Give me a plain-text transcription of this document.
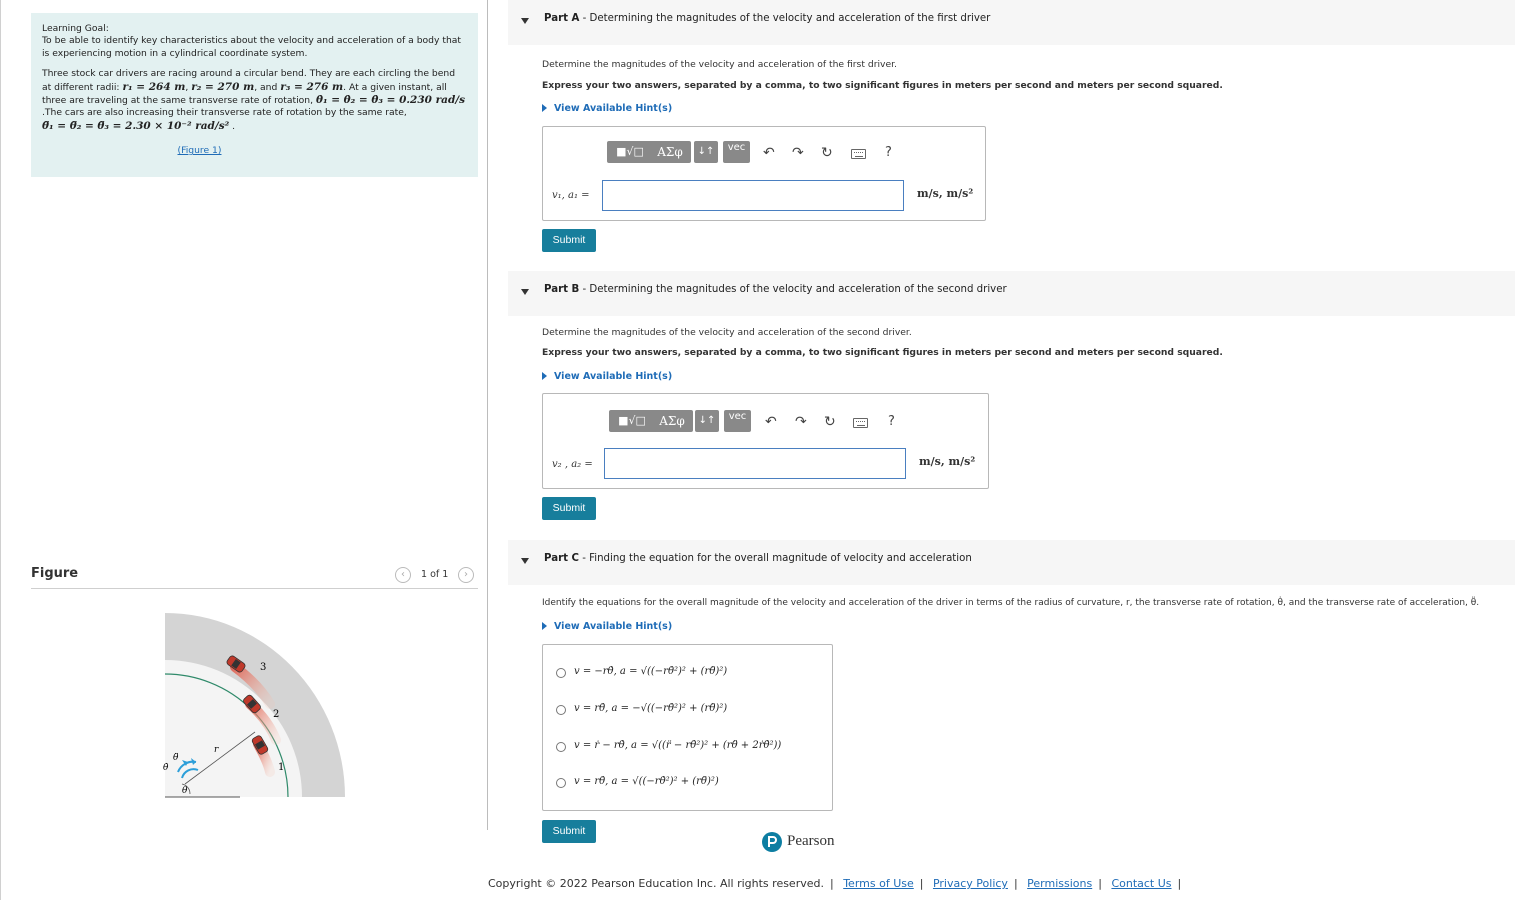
Learning Goal:

To be able to identify key characteristics about the velocity and acceleration of a body that is experiencing motion in a cylindrical coordinate system.

Three stock car drivers are racing around a circular bend. They are each circling the bend at different radii: r₁ = 264 m, r₂ = 270 m, and r₃ = 276 m. At a given instant, all three are traveling at the same transverse rate of rotation, θ̇₁ = θ̇₂ = θ̇₃ = 0.230 rad/s

.The cars are also increasing their transverse rate of rotation by the same rate,
θ̈₁ = θ̈₂ = θ̈₃ = 2.30 × 10⁻² rad/s² .

(Figure 1)
Figure	‹	1 of 1	›
3
2
1
r
θ̈
θ̇
θ
Part A - Determining the magnitudes of the velocity and acceleration of the first driver
Determine the magnitudes of the velocity and acceleration of the first driver.
Express your two answers, separated by a comma, to two significant figures in meters per second and meters per second squared.
View Available Hint(s)
■√□	ΑΣφ	↓↑	vec	↶ ↷ ↻	?
v₁, a₁ =	m/s, m/s²
Submit
Part B - Determining the magnitudes of the velocity and acceleration of the second driver
Determine the magnitudes of the velocity and acceleration of the second driver.
Express your two answers, separated by a comma, to two significant figures in meters per second and meters per second squared.
View Available Hint(s)
■√□	ΑΣφ	↓↑	vec	↶ ↷ ↻	?
v₂ , a₂ =	m/s, m/s²
Submit
Part C - Finding the equation for the overall magnitude of velocity and acceleration
Identify the equations for the overall magnitude of the velocity and acceleration of the driver in terms of the radius of curvature, r, the transverse rate of rotation, θ̇, and the transverse rate of acceleration, θ̈.
View Available Hint(s)
v = −rθ̇, a = √((−rθ̇²)² + (rθ̈)²)
v = rθ̇, a = −√((−rθ̇²)² + (rθ̈)²)
v = ṙ − rθ̇, a = √((r̈ − rθ̇²)² + (rθ̈ + 2ṙθ̇²))
v = rθ̇, a = √((−rθ̇²)² + (rθ̈)²)
Submit
Pearson
Copyright © 2022 Pearson Education Inc. All rights reserved. | Terms of Use | Privacy Policy | Permissions | Contact Us |
